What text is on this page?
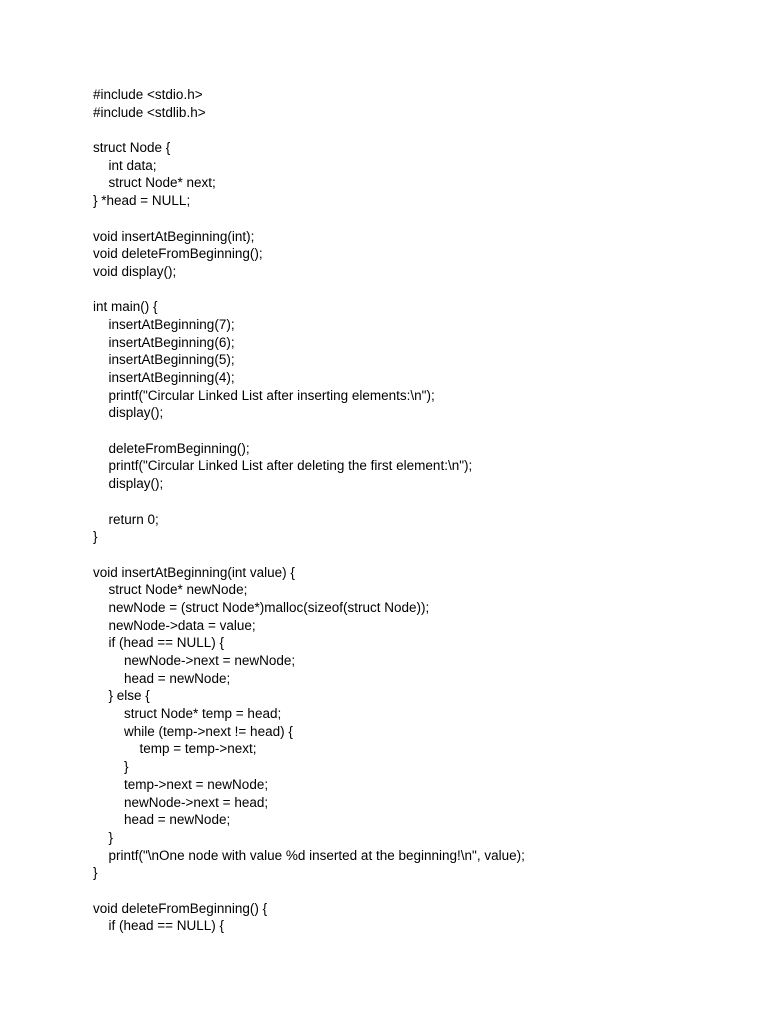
#include <stdio.h>
#include <stdlib.h>
struct Node {
int data;
struct Node* next;
} *head = NULL;
void insertAtBeginning(int);
void deleteFromBeginning();
void display();
int main() {
insertAtBeginning(7);
insertAtBeginning(6);
insertAtBeginning(5);
insertAtBeginning(4);
printf("Circular Linked List after inserting elements:\n");
display();
deleteFromBeginning();
printf("Circular Linked List after deleting the first element:\n");
display();
return 0;
}
void insertAtBeginning(int value) {
struct Node* newNode;
newNode = (struct Node*)malloc(sizeof(struct Node));
newNode->data = value;
if (head == NULL) {
newNode->next = newNode;
head = newNode;
} else {
struct Node* temp = head;
while (temp->next != head) {
temp = temp->next;
}
temp->next = newNode;
newNode->next = head;
head = newNode;
}
printf("\nOne node with value %d inserted at the beginning!\n", value);
}
void deleteFromBeginning() {
if (head == NULL) {
